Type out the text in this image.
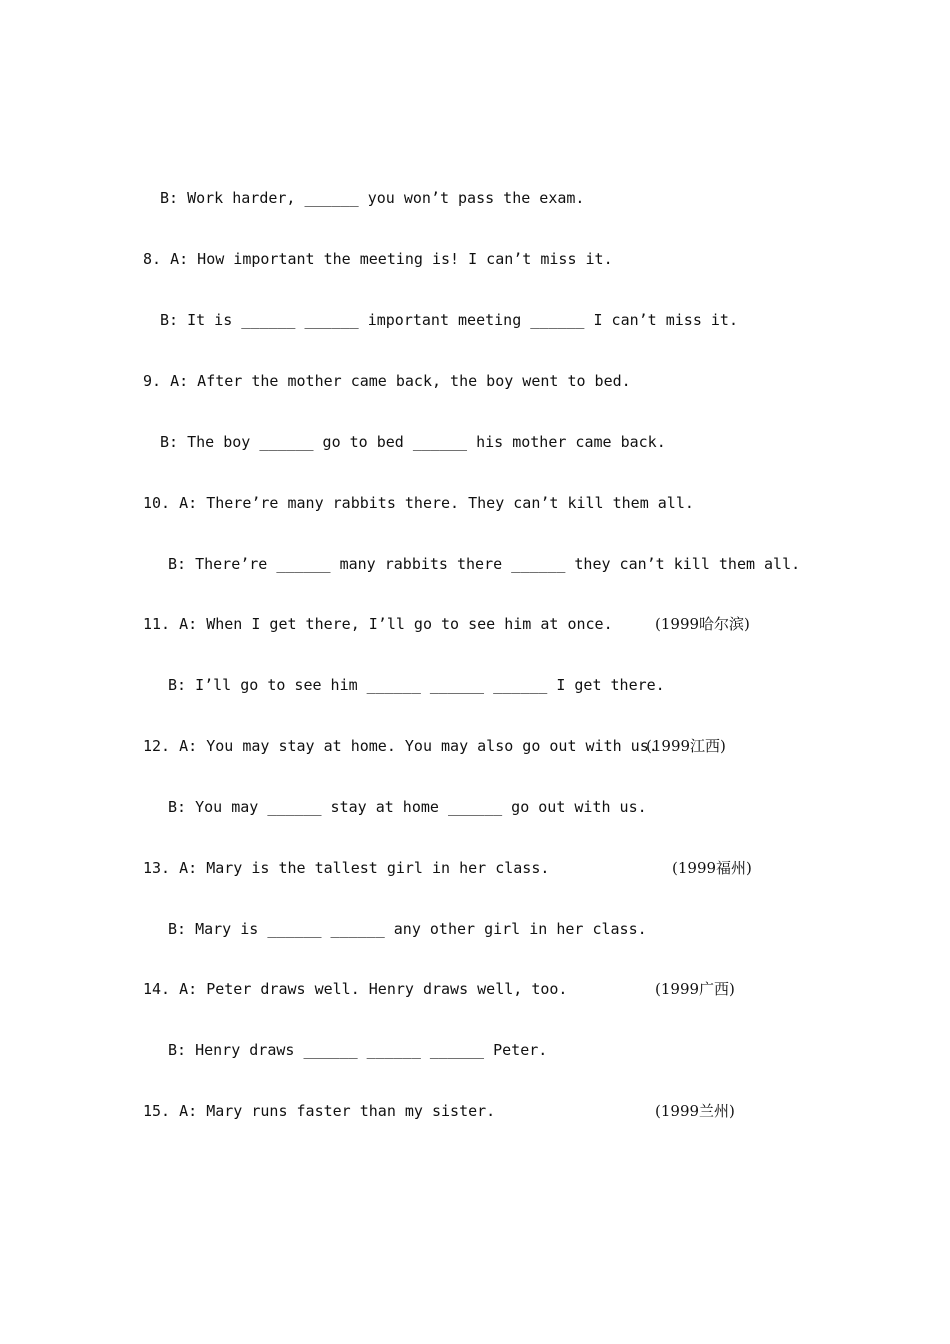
B: Work harder, ______ you won’t pass the exam.
8. A: How important the meeting is! I can’t miss it.
B: It is ______ ______ important meeting ______ I can’t miss it.
9. A: After the mother came back, the boy went to bed.
B: The boy ______ go to bed ______ his mother came back.
10. A: There’re many rabbits there. They can’t kill them all.
B: There’re ______ many rabbits there ______ they can’t kill them all.
11. A: When I get there, I’ll go to see him at once.	(1999哈尔滨)
B: I’ll go to see him ______ ______ ______ I get there.
12. A: You may stay at home. You may also go out with us.
(1999江西)
B: You may ______ stay at home ______ go out with us.
13. A: Mary is the tallest girl in her class.	(1999福州)
B: Mary is ______ ______ any other girl in her class.
14. A: Peter draws well. Henry draws well, too.	(1999广西)
B: Henry draws ______ ______ ______ Peter.
15. A: Mary runs faster than my sister.	(1999兰州)
